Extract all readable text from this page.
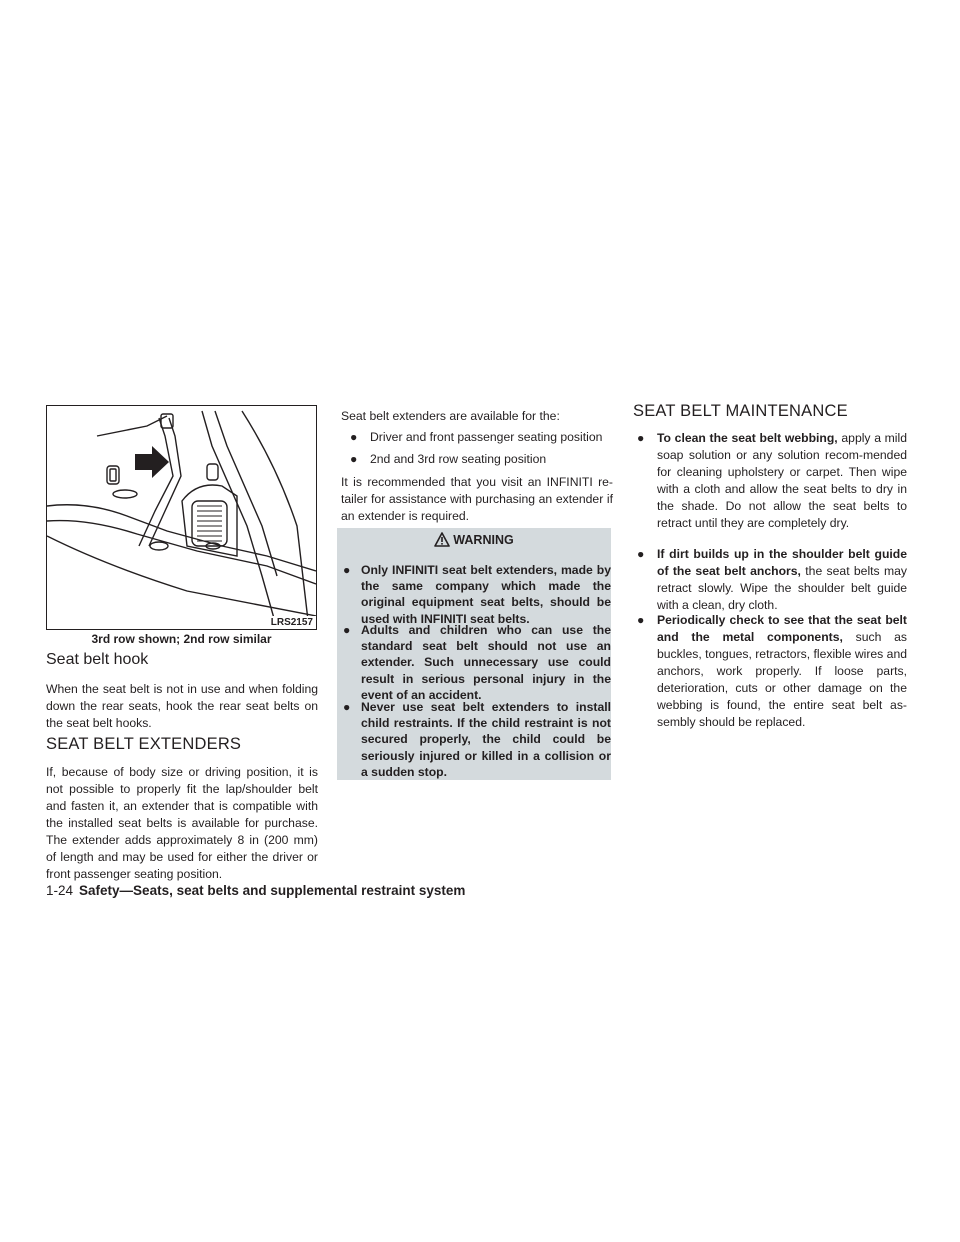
LRS2157

3rd row shown; 2nd row similar

Seat belt hook

When the seat belt is not in use and when folding down the rear seats, hook the rear seat belts on the seat belt hooks.

SEAT BELT EXTENDERS

If, because of body size or driving position, it is not possible to properly fit the lap/shoulder belt and fasten it, an extender that is compatible with the installed seat belts is available for purchase. The extender adds approximately 8 in (200 mm) of length and may be used for either the driver or front passenger seating position.

Seat belt extenders are available for the:

● Driver and front passenger seating position
● 2nd and 3rd row seating position

It is recommended that you visit an INFINITI re-tailer for assistance with purchasing an extender if an extender is required.

WARNING
● Only INFINITI seat belt extenders, made by the same company which made the original equipment seat belts, should be used with INFINITI seat belts.
● Adults and children who can use the standard seat belt should not use an extender. Such unnecessary use could result in serious personal injury in the event of an accident.
● Never use seat belt extenders to install child restraints. If the child restraint is not secured properly, the child could be seriously injured or killed in a collision or a sudden stop.
SEAT BELT MAINTENANCE
● To clean the seat belt webbing, apply a mild soap solution or any solution recom-mended for cleaning upholstery or carpet. Then wipe with a cloth and allow the seat belts to dry in the shade. Do not allow the seat belts to retract until they are completely dry.
● If dirt builds up in the shoulder belt guide of the seat belt anchors, the seat belts may retract slowly. Wipe the shoulder belt guide with a clean, dry cloth.
● Periodically check to see that the seat belt and the metal components, such as buckles, tongues, retractors, flexible wires and anchors, work properly. If loose parts, deterioration, cuts or other damage on the webbing is found, the entire seat belt as-sembly should be replaced.
1-24 Safety—Seats, seat belts and supplemental restraint system
